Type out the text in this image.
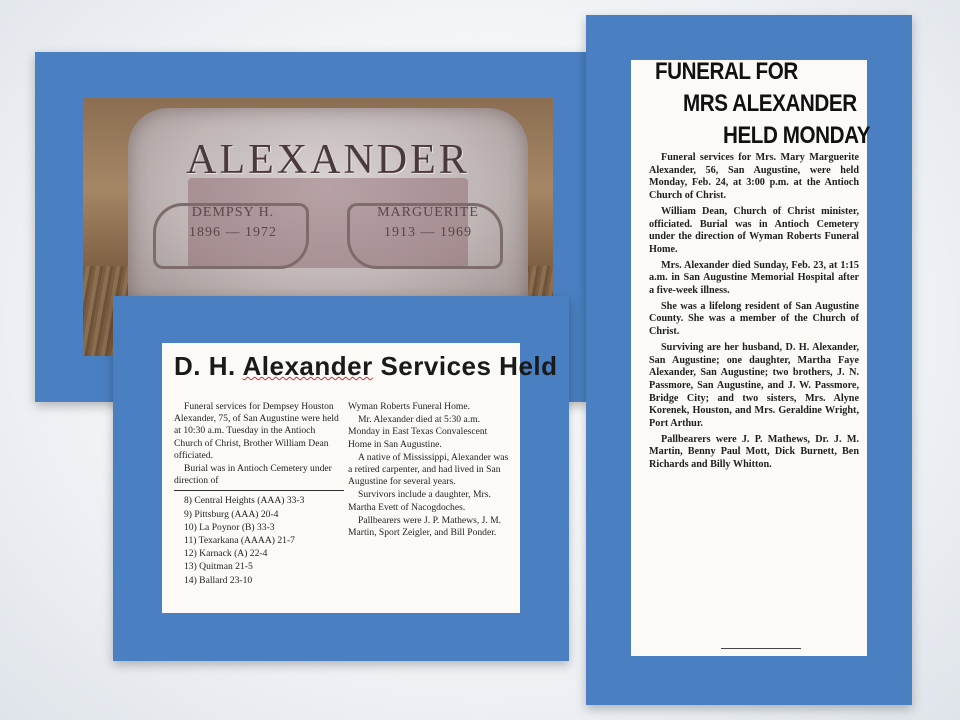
ALEXANDER
DEMPSY H.
1896 — 1972
MARGUERITE
1913 — 1969
D. H. Alexander Services Held

Funeral services for Dempsey Houston Alexander, 75, of San Augustine were held at 10:30 a.m. Tuesday in the Antioch Church of Christ, Brother William Dean officiated.

Burial was in Antioch Cemetery under direction of

8) Central Heights (AAA) 33-3

9) Pittsburg (AAA) 20-4

10) La Poynor (B) 33-3

11) Texarkana (AAAA) 21-7

12) Karnack (A) 22-4

13) Quitman 21-5

14) Ballard 23-10

Wyman Roberts Funeral Home.

Mr. Alexander died at 5:30 a.m. Monday in East Texas Convalescent Home in San Augustine.

A native of Mississippi, Alexander was a retired carpenter, and had lived in San Augustine for several years.

Survivors include a daughter, Mrs. Martha Evett of Nacogdoches.

Pallbearers were J. P. Mathews, J. M. Martin, Sport Zeigler, and Bill Ponder.

FUNERAL FOR
MRS ALEXANDER
HELD MONDAY

Funeral services for Mrs. Mary Marguerite Alexander, 56, San Augustine, were held Monday, Feb. 24, at 3:00 p.m. at the Antioch Church of Christ.

William Dean, Church of Christ minister, officiated. Burial was in Antioch Cemetery under the direction of Wyman Roberts Funeral Home.

Mrs. Alexander died Sunday, Feb. 23, at 1:15 a.m. in San Augustine Memorial Hospital after a five-week illness.

She was a lifelong resident of San Augustine County. She was a member of the Church of Christ.

Surviving are her husband, D. H. Alexander, San Augustine; one daughter, Martha Faye Alexander, San Augustine; two brothers, J. N. Passmore, San Augustine, and J. W. Passmore, Bridge City; and two sisters, Mrs. Alyne Korenek, Houston, and Mrs. Geraldine Wright, Port Arthur.

Pallbearers were J. P. Mathews, Dr. J. M. Martin, Benny Paul Mott, Dick Burnett, Ben Richards and Billy Whitton.
